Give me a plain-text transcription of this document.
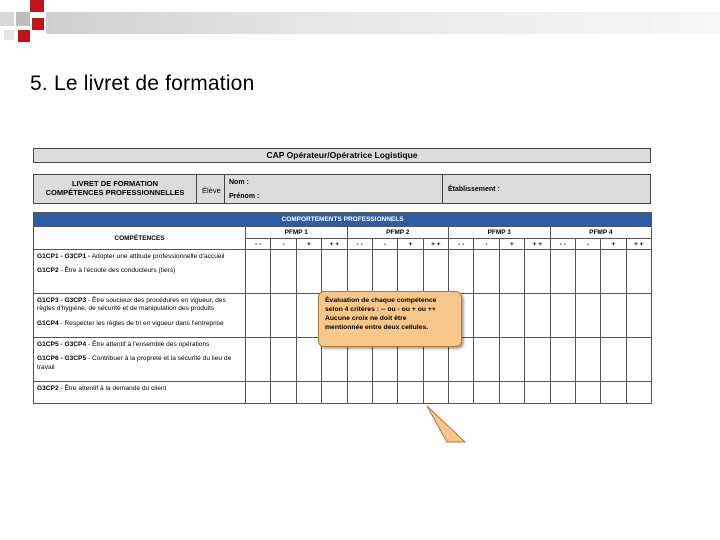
5. Le livret de formation
CAP Opérateur/Opératrice Logistique
LIVRET DE FORMATION
COMPÉTENCES PROFESSIONNELLES	Élève
Nom :
Prénom :
Établissement :
COMPORTEMENTS PROFESSIONNELS																
COMPÉTENCES	PFMP 1				PFMP 2				PFMP 3				PFMP 4			
	- -	-	+	+ +	- -	-	+	+ +	- -	-	+	+ +	- -	-	+	+ +

G1CP1 - G3CP1 - Adopter une attitude professionnelle d'accueil

G1CP2 - Être à l'écoute des conducteurs (tiers)																

G1CP3 - G3CP3 - Être soucieux des procédures en vigueur, des règles d'hygiène, de sécurité et de manipulation des produits

G1CP4 - Respecter les règles de tri en vigueur dans l'entreprise																

G1CP5 - G3CP4 - Être attentif à l'ensemble des opérations

G1CP6 - G3CP5 - Contribuer à la propreté et la sécurité du lieu de travail																

G3CP2 - Être attentif à la demande du client																

Évaluation de chaque compétence
selon 4 critères : -- ou - ou + ou ++
Aucune croix ne doit être
mentionnée entre deux cellules.
